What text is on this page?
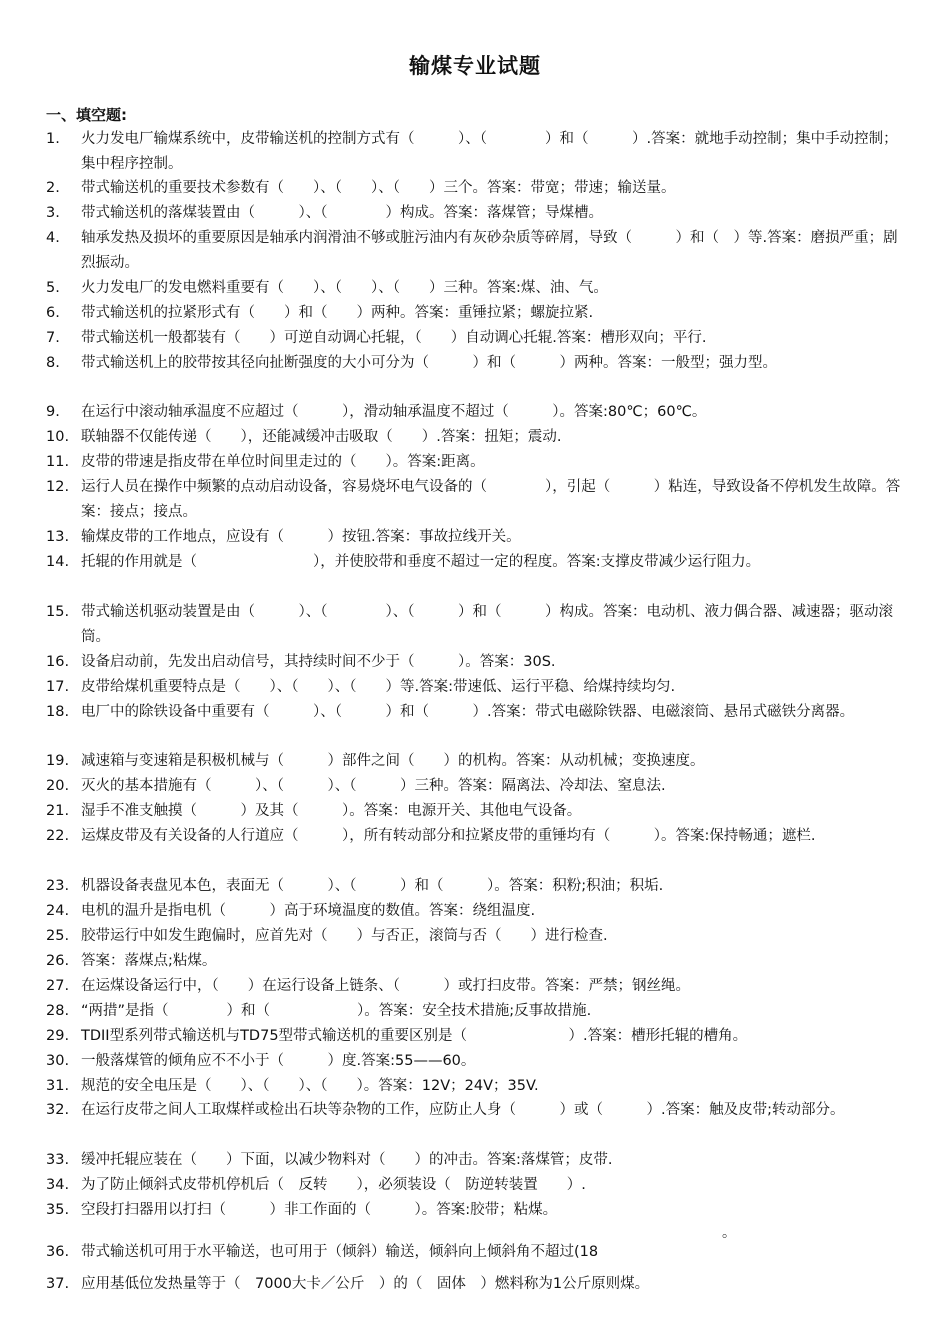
输煤专业试题
一、填空题:
1.	火力发电厂输煤系统中，皮带输送机的控制方式有（　　　）、（　　　　）和（　　　）.答案：就地手动控制；集中手动控制；集中程序控制。
2.	带式输送机的重要技术参数有（　　）、（　　）、（　　）三个。答案：带宽；带速；输送量。
3.	带式输送机的落煤装置由（　　　）、（　　　　）构成。答案：落煤管；导煤槽。
4.	轴承发热及损坏的重要原因是轴承内润滑油不够或脏污油内有灰砂杂质等碎屑，导致（　　　）和（　）等.答案：磨损严重；剧烈振动。
5.	火力发电厂的发电燃料重要有（　　）、（　　）、（　　）三种。答案:煤、油、气。
6.	带式输送机的拉紧形式有（　　）和（　　）两种。答案：重锤拉紧；螺旋拉紧.
7.	带式输送机一般都装有（　　）可逆自动调心托辊，（　　）自动调心托辊.答案：槽形双向；平行.
8.	带式输送机上的胶带按其径向扯断强度的大小可分为（　　　）和（　　　）两种。答案：一般型；强力型。
9.	在运行中滚动轴承温度不应超过（　　　），滑动轴承温度不超过（　　　）。答案:80℃；60℃。
10. 联轴器不仅能传递（　　），还能减缓冲击吸取（　　）.答案：扭矩；震动.
11. 皮带的带速是指皮带在单位时间里走过的（　　）。答案:距离。
12. 运行人员在操作中频繁的点动启动设备，容易烧坏电气设备的（　　　　），引起（　　　）粘连，导致设备不停机发生故障。答案：接点；接点。
13. 输煤皮带的工作地点，应设有（　　　）按钮.答案：事故拉线开关。
14. 托辊的作用就是（　　　　　　　　），并使胶带和垂度不超过一定的程度。答案:支撑皮带减少运行阻力。
15. 带式输送机驱动装置是由（　　　）、（　　　　）、（　　　）和（　　　）构成。答案：电动机、液力偶合器、减速器；驱动滚筒。
16. 设备启动前，先发出启动信号，其持续时间不少于（　　　）。答案：30S.
17. 皮带给煤机重要特点是（　　）、（　　）、（　　）等.答案:带速低、运行平稳、给煤持续均匀.
18. 电厂中的除铁设备中重要有（　　　）、（　　　）和（　　　）.答案：带式电磁除铁器、电磁滚筒、悬吊式磁铁分离器。
19. 减速箱与变速箱是积极机械与（　　　）部件之间（　　）的机构。答案：从动机械；变换速度。
20. 灭火的基本措施有（　　　）、（　　　）、（　　　）三种。答案：隔离法、冷却法、窒息法.
21. 湿手不准支触摸（　　　）及其（　　　）。答案：电源开关、其他电气设备。
22. 运煤皮带及有关设备的人行道应（　　　），所有转动部分和拉紧皮带的重锤均有（　　　）。答案:保持畅通；遮栏.
23. 机器设备表盘见本色，表面无（　　　）、（　　　）和（　　　）。答案：积粉;积油；积垢.
24. 电机的温升是指电机（　　　）高于环境温度的数值。答案：绕组温度.
25. 胶带运行中如发生跑偏时，应首先对（　　）与否正，滚筒与否（　　）进行检查.
26. 答案：落煤点;粘煤。
27. 在运煤设备运行中，（　　）在运行设备上链条、（　　　）或打扫皮带。答案：严禁；钢丝绳。
28. “两措”是指（　　　　）和（　　　　　　）。答案：安全技术措施;反事故措施.
29. TDII型系列带式输送机与TD75型带式输送机的重要区别是（　　　　　　　）.答案：槽形托辊的槽角。
30. 一般落煤管的倾角应不不小于（　　　）度.答案:55——60。
31. 规范的安全电压是（　　）、（　　）、（　　）。答案：12V；24V；35V.
32. 在运行皮带之间人工取煤样或检出石块等杂物的工作，应防止人身（　　　）或（　　　）.答案：触及皮带;转动部分。
33. 缓冲托辊应装在（　　）下面，以减少物料对（　　）的冲击。答案:落煤管；皮带.
34. 为了防止倾斜式皮带机停机后（　反转　　），必须装设（　防逆转装置　　）.
35. 空段打扫器用以打扫（　　　）非工作面的（　　　）。答案:胶带；粘煤。
36. 带式输送机可用于水平输送，也可用于（倾斜）输送，倾斜向上倾斜角不超过(18
37. 应用基低位发热量等于（　7000大卡／公斤　）的（　固体　）燃料称为1公斤原则煤。
。
